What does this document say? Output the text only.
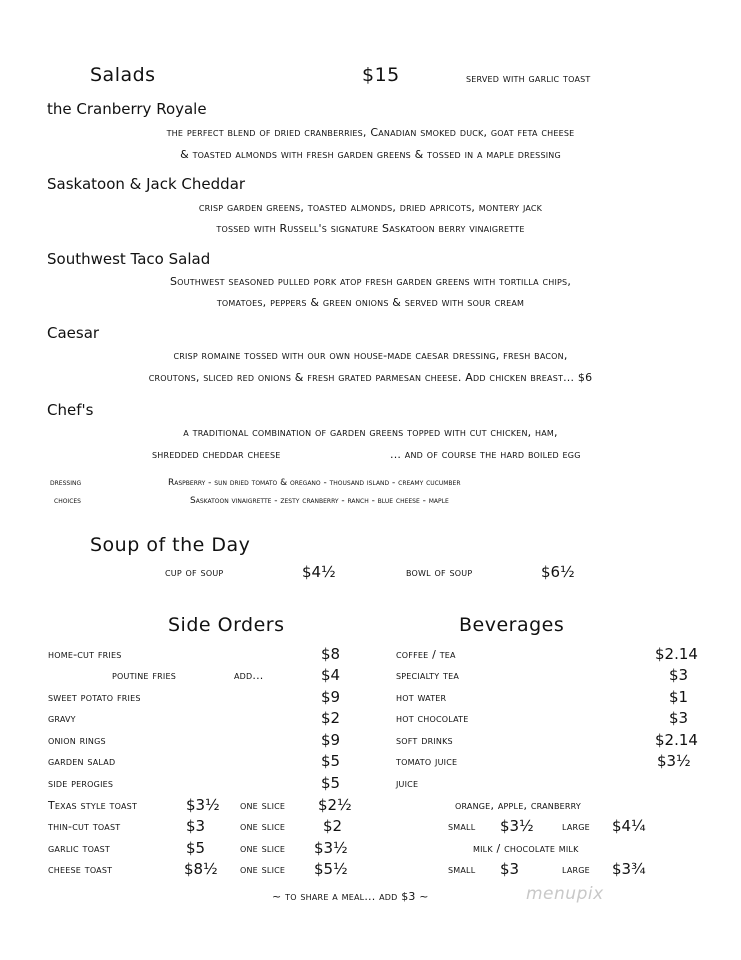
Salads	$15	served with garlic toast
the Cranberry Royale
the perfect blend of dried cranberries, Canadian smoked duck, goat feta cheese
& toasted almonds with fresh garden greens & tossed in a maple dressing
Saskatoon & Jack Cheddar
crisp garden greens, toasted almonds, dried apricots, montery jack
tossed with Russell's signature Saskatoon berry vinaigrette
Southwest Taco Salad
Southwest seasoned pulled pork atop fresh garden greens with tortilla chips,
tomatoes, peppers & green onions & served with sour cream
Caesar
crisp romaine tossed with our own house-made caesar dressing, fresh bacon,
croutons, sliced red onions & fresh grated parmesan cheese. Add chicken breast... $6
Chef's
a traditional combination of garden greens topped with cut chicken, ham,
shredded cheddar cheese	... and of course the hard boiled egg
dressing
choices
Raspberry - sun dried tomato & oregano - thousand island - creamy cucumber
Saskatoon vinaigrette - zesty cranberry - ranch - blue cheese - maple
Soup of the Day
cup of soup	$4½	bowl of soup	$6½
Side Orders
home-cut fries	$8
poutine fries	add...	$4
sweet potato fries	$9
gravy	$2
onion rings	$9
garden salad	$5
side perogies	$5
Texas style toast	$3½ one slice $2½
thin-cut toast	$3	one slice	$2
garlic toast	$5	one slice $3½
cheese toast	$8½ one slice $5½
Beverages
coffee / tea	$2.14
specialty tea	$3
hot water	$1
hot chocolate	$3
soft drinks	$2.14
tomato juice	$3½
juice
orange, apple, cranberry
small $3½	large $4¼
milk / chocolate milk
small $3	large $3¾
~ to share a meal... add $3 ~	menupix
